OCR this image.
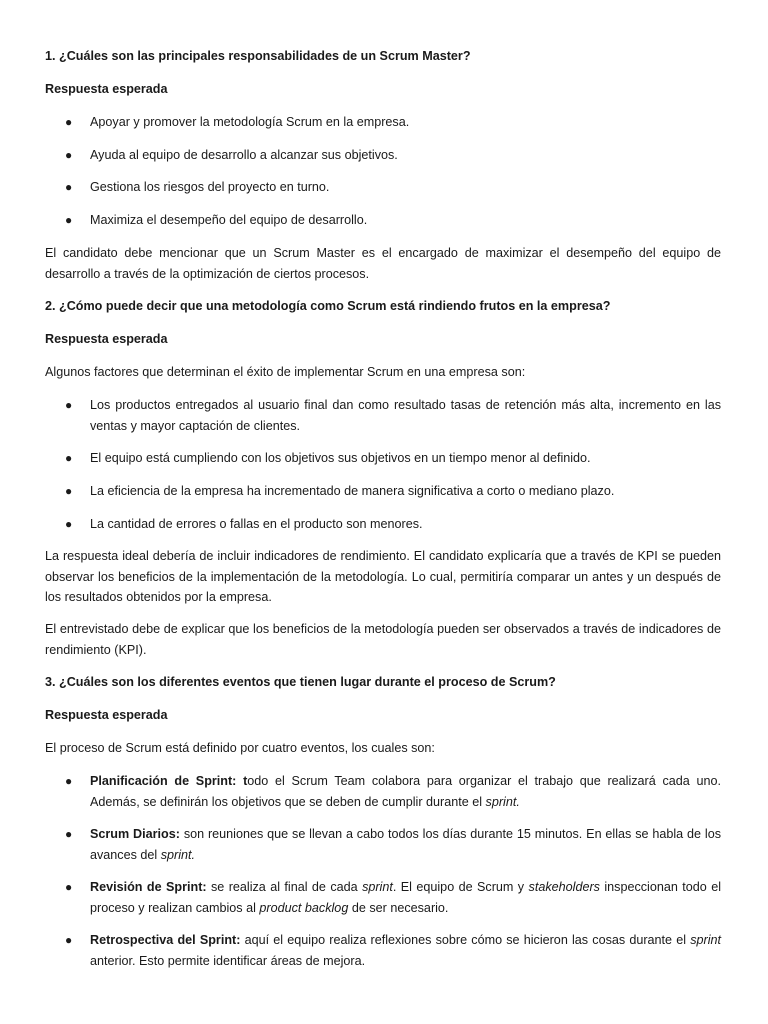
1. ¿Cuáles son las principales responsabilidades de un Scrum Master?
Respuesta esperada
● Apoyar y promover la metodología Scrum en la empresa.
● Ayuda al equipo de desarrollo a alcanzar sus objetivos.
● Gestiona los riesgos del proyecto en turno.
● Maximiza el desempeño del equipo de desarrollo.
El candidato debe mencionar que un Scrum Master es el encargado de maximizar el desempeño del equipo de desarrollo a través de la optimización de ciertos procesos.
2. ¿Cómo puede decir que una metodología como Scrum está rindiendo frutos en la empresa?
Respuesta esperada
Algunos factores que determinan el éxito de implementar Scrum en una empresa son:
● Los productos entregados al usuario final dan como resultado tasas de retención más alta, incremento en las ventas y mayor captación de clientes.
● El equipo está cumpliendo con los objetivos sus objetivos en un tiempo menor al definido.
● La eficiencia de la empresa ha incrementado de manera significativa a corto o mediano plazo.
● La cantidad de errores o fallas en el producto son menores.
La respuesta ideal debería de incluir indicadores de rendimiento. El candidato explicaría que a través de KPI se pueden observar los beneficios de la implementación de la metodología. Lo cual, permitiría comparar un antes y un después de los resultados obtenidos por la empresa.
El entrevistado debe de explicar que los beneficios de la metodología pueden ser observados a través de indicadores de rendimiento (KPI).
3. ¿Cuáles son los diferentes eventos que tienen lugar durante el proceso de Scrum?
Respuesta esperada
El proceso de Scrum está definido por cuatro eventos, los cuales son:
● Planificación de Sprint: todo el Scrum Team colabora para organizar el trabajo que realizará cada uno. Además, se definirán los objetivos que se deben de cumplir durante el sprint.
● Scrum Diarios: son reuniones que se llevan a cabo todos los días durante 15 minutos. En ellas se habla de los avances del sprint.
● Revisión de Sprint: se realiza al final de cada sprint. El equipo de Scrum y stakeholders inspeccionan todo el proceso y realizan cambios al product backlog de ser necesario.
● Retrospectiva del Sprint: aquí el equipo realiza reflexiones sobre cómo se hicieron las cosas durante el sprint anterior. Esto permite identificar áreas de mejora.
